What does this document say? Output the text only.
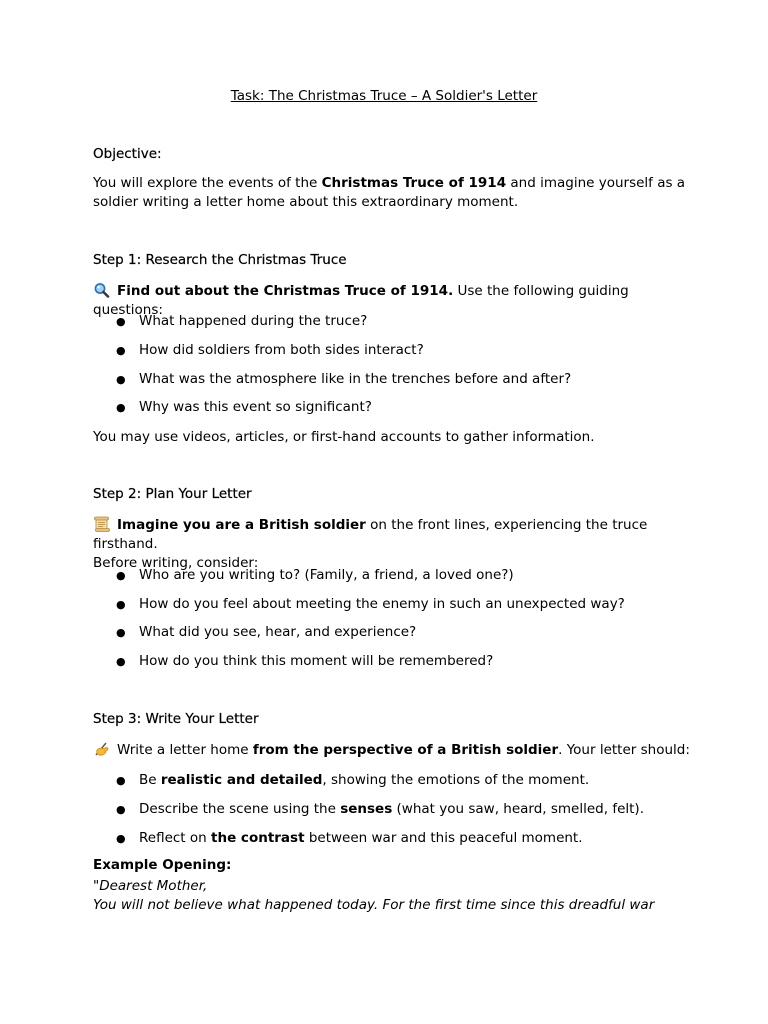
Task: The Christmas Truce – A Soldier's Letter
Objective:
You will explore the events of the Christmas Truce of 1914 and imagine yourself as a
soldier writing a letter home about this extraordinary moment.
Step 1: Research the Christmas Truce
Find out about the Christmas Truce of 1914. Use the following guiding questions:
● What happened during the truce?
● How did soldiers from both sides interact?
● What was the atmosphere like in the trenches before and after?
● Why was this event so significant?
You may use videos, articles, or first-hand accounts to gather information.
Step 2: Plan Your Letter
Imagine you are a British soldier on the front lines, experiencing the truce firsthand.
Before writing, consider:
● Who are you writing to? (Family, a friend, a loved one?)
● How do you feel about meeting the enemy in such an unexpected way?
● What did you see, hear, and experience?
● How do you think this moment will be remembered?
Step 3: Write Your Letter
Write a letter home from the perspective of a British soldier. Your letter should:
● Be realistic and detailed, showing the emotions of the moment.
● Describe the scene using the senses (what you saw, heard, smelled, felt).
● Reflect on the contrast between war and this peaceful moment.
Example Opening:
"Dearest Mother,
You will not believe what happened today. For the first time since this dreadful war
